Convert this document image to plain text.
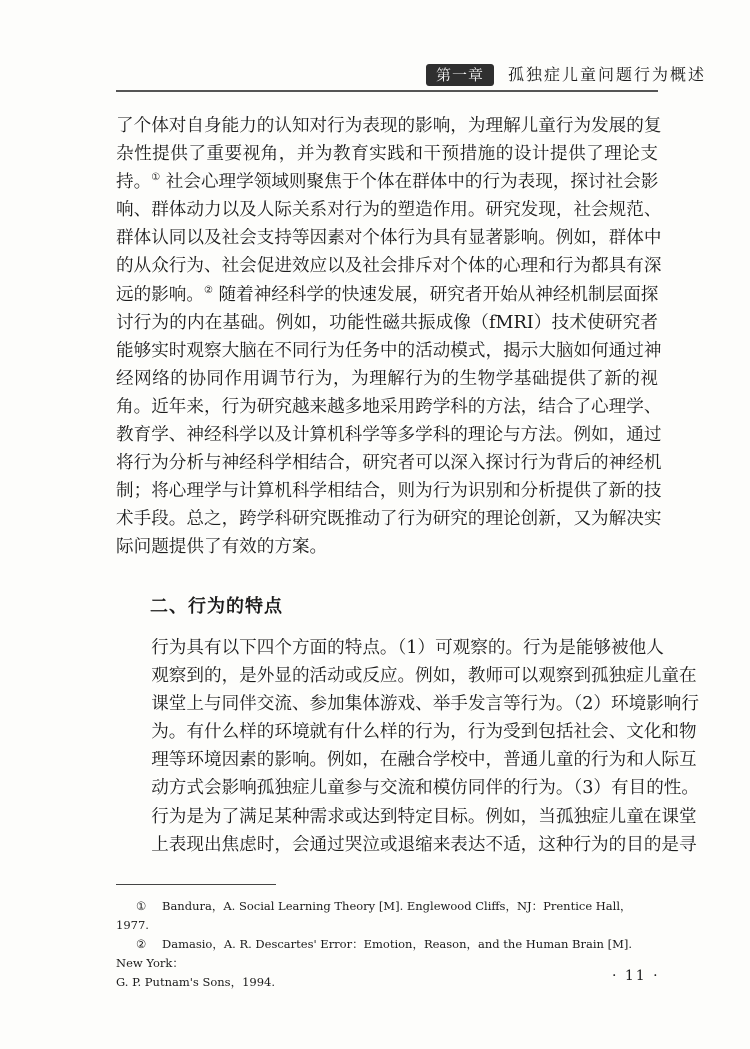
第一章	孤独症儿童问题行为概述
了个体对自身能力的认知对行为表现的影响，为理解儿童行为发展的复
杂性提供了重要视角，并为教育实践和干预措施的设计提供了理论支
持。① 社会心理学领域则聚焦于个体在群体中的行为表现，探讨社会影
响、群体动力以及人际关系对行为的塑造作用。研究发现，社会规范、
群体认同以及社会支持等因素对个体行为具有显著影响。例如，群体中
的从众行为、社会促进效应以及社会排斥对个体的心理和行为都具有深
远的影响。② 随着神经科学的快速发展，研究者开始从神经机制层面探
讨行为的内在基础。例如，功能性磁共振成像（fMRI）技术使研究者
能够实时观察大脑在不同行为任务中的活动模式，揭示大脑如何通过神
经网络的协同作用调节行为，为理解行为的生物学基础提供了新的视
角。近年来，行为研究越来越多地采用跨学科的方法，结合了心理学、
教育学、神经科学以及计算机科学等多学科的理论与方法。例如，通过
将行为分析与神经科学相结合，研究者可以深入探讨行为背后的神经机
制；将心理学与计算机科学相结合，则为行为识别和分析提供了新的技
术手段。总之，跨学科研究既推动了行为研究的理论创新，又为解决实
际问题提供了有效的方案。
二、行为的特点
行为具有以下四个方面的特点。（1）可观察的。行为是能够被他人
观察到的，是外显的活动或反应。例如，教师可以观察到孤独症儿童在
课堂上与同伴交流、参加集体游戏、举手发言等行为。（2）环境影响行
为。有什么样的环境就有什么样的行为，行为受到包括社会、文化和物
理等环境因素的影响。例如，在融合学校中，普通儿童的行为和人际互
动方式会影响孤独症儿童参与交流和模仿同伴的行为。（3）有目的性。
行为是为了满足某种需求或达到特定目标。例如，当孤独症儿童在课堂
上表现出焦虑时，会通过哭泣或退缩来表达不适，这种行为的目的是寻
① Bandura，A. Social Learning Theory [M]. Englewood Cliffs，NJ：Prentice Hall，1977.
② Damasio，A. R. Descartes' Error：Emotion，Reason，and the Human Brain [M]. New York：
G. P. Putnam's Sons，1994.	· 11 ·
